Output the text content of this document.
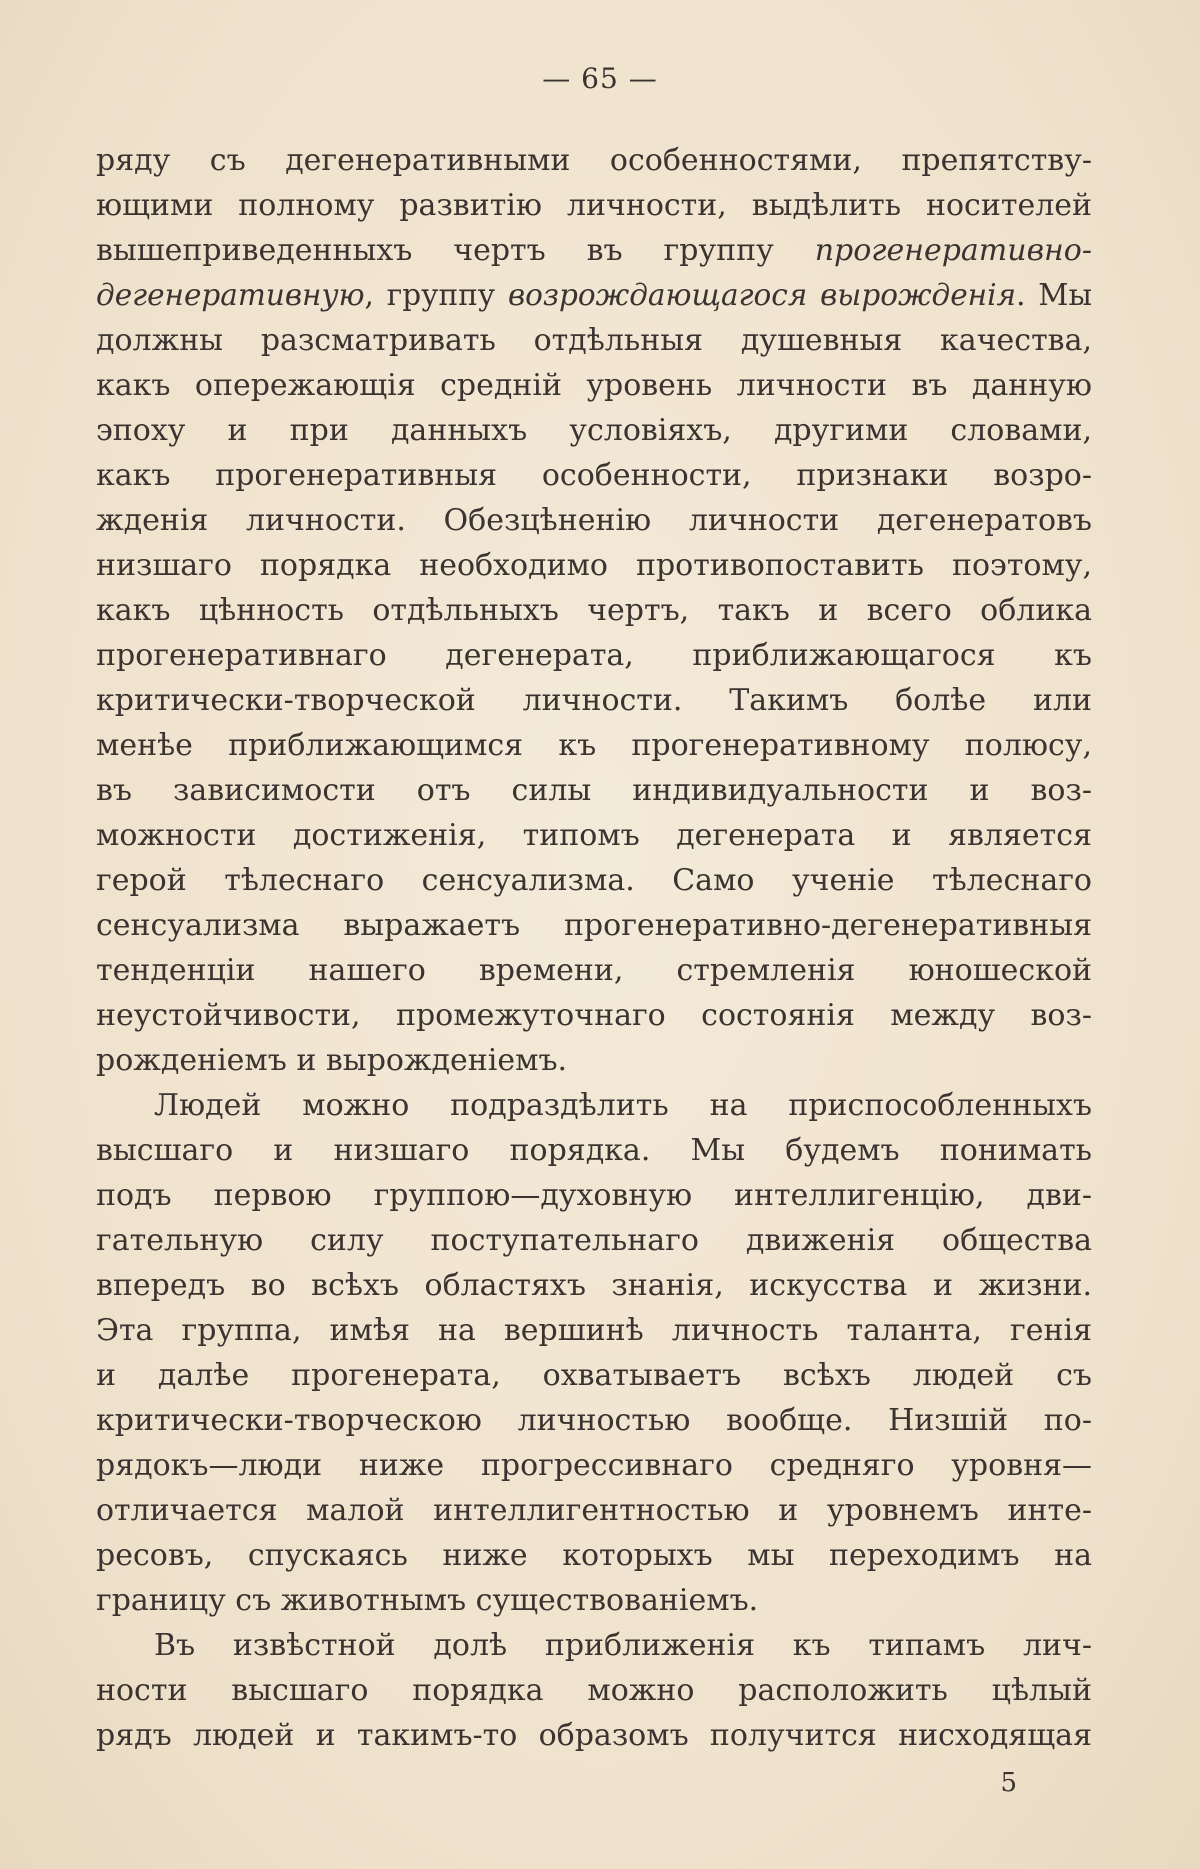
— 65 —
ряду съ дегенеративными особенностями, препятству-
ющими полному развитію личности, выдѣлить носителей
вышеприведенныхъ чертъ въ группу прогенеративно-
дегенеративную, группу возрождающагося вырожденія. Мы
должны разсматривать отдѣльныя душевныя качества,
какъ опережающія средній уровень личности въ данную
эпоху и при данныхъ условіяхъ, другими словами,
какъ прогенеративныя особенности, признаки возро-
жденія личности. Обезцѣненію личности дегенератовъ
низшаго порядка необходимо противопоставить поэтому,
какъ цѣнность отдѣльныхъ чертъ, такъ и всего облика
прогенеративнаго дегенерата, приближающагося къ
критически-творческой личности. Такимъ болѣе или
менѣе приближающимся къ прогенеративному полюсу,
въ зависимости отъ силы индивидуальности и воз-
можности достиженія, типомъ дегенерата и является
герой тѣлеснаго сенсуализма. Само ученіе тѣлеснаго
сенсуализма выражаетъ прогенеративно-дегенеративныя
тенденціи нашего времени, стремленія юношеской
неустойчивости, промежуточнаго состоянія между воз-
рожденіемъ и вырожденіемъ.
Людей можно подраздѣлить на приспособленныхъ
высшаго и низшаго порядка. Мы будемъ понимать
подъ первою группою—духовную интеллигенцію, дви-
гательную силу поступательнаго движенія общества
впередъ во всѣхъ областяхъ знанія, искусства и жизни.
Эта группа, имѣя на вершинѣ личность таланта, генія
и далѣе прогенерата, охватываетъ всѣхъ людей съ
критически-творческою личностью вообще. Низшій по-
рядокъ—люди ниже прогрессивнаго средняго уровня—
отличается малой интеллигентностью и уровнемъ инте-
ресовъ, спускаясь ниже которыхъ мы переходимъ на
границу съ животнымъ существованіемъ.
Въ извѣстной долѣ приближенія къ типамъ лич-
ности высшаго порядка можно расположить цѣлый
рядъ людей и такимъ-то образомъ получится нисходящая
5
